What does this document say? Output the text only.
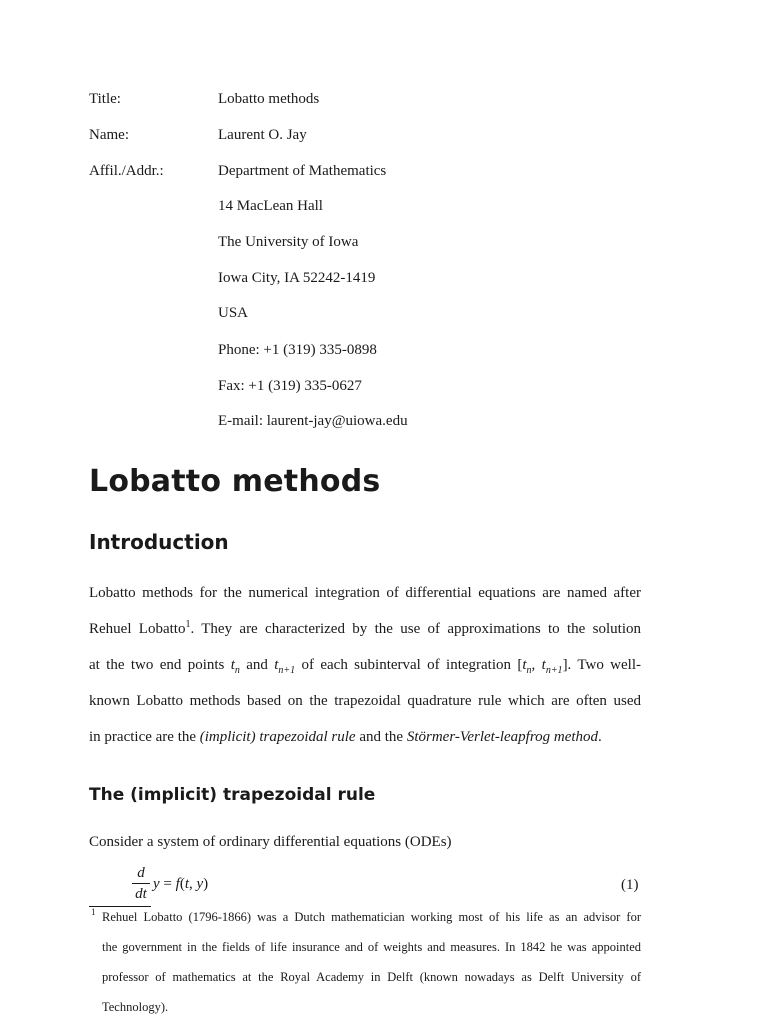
Title:	Lobatto methods
Name:	Laurent O. Jay
Affil./Addr.:	Department of Mathematics
14 MacLean Hall
The University of Iowa
Iowa City, IA 52242-1419
USA
Phone: +1 (319) 335-0898
Fax: +1 (319) 335-0627
E-mail: laurent-jay@uiowa.edu
Lobatto methods
Introduction
Lobatto methods for the numerical integration of differential equations are named after
Rehuel Lobatto$^1$. They are characterized by the use of approximations to the solution
at the two end points $t_n$ and $t_{n+1}$ of each subinterval of integration [$t_n$, $t_{n+1}$]. Two well-
known Lobatto methods based on the trapezoidal quadrature rule which are often used
in practice are the (implicit) trapezoidal rule and the Störmer-Verlet-leapfrog method.
The (implicit) trapezoidal rule
Consider a system of ordinary differential equations (ODEs)
d
dt
y = f(t, y)	(1)
1 Rehuel Lobatto (1796-1866) was a Dutch mathematician working most of his life as an advisor for
the government in the fields of life insurance and of weights and measures. In 1842 he was appointed
professor of mathematics at the Royal Academy in Delft (known nowadays as Delft University of
Technology).
